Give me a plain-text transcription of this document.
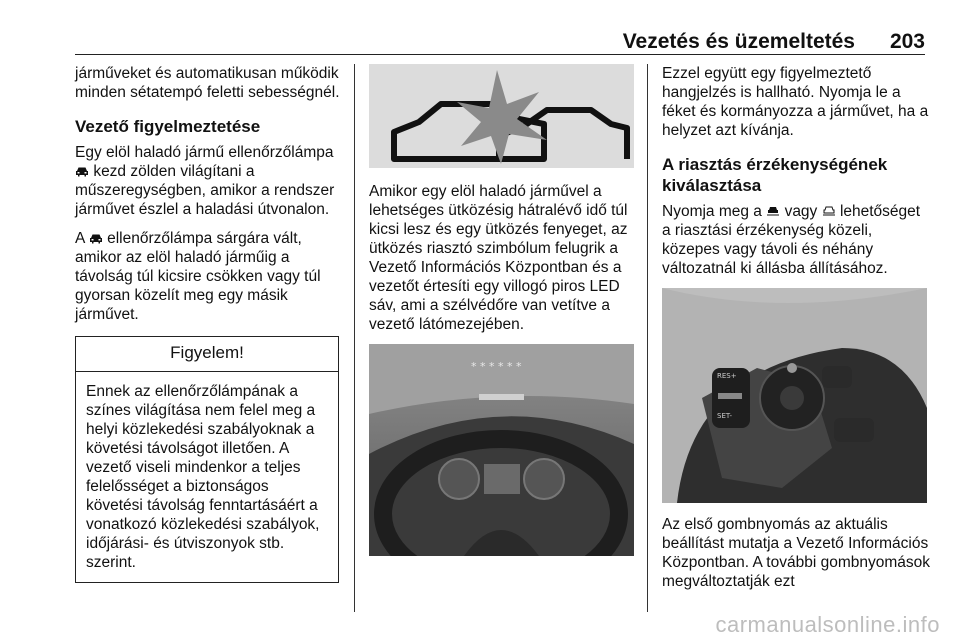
Vezetés és üzemeltetés 203

járműveket és automatikusan működik minden sétatempó feletti sebességnél.

Vezető figyelmeztetése

Egy elöl haladó jármű ellenőrzőlámpa  kezd zölden világítani a műszeregységben, amikor a rendszer járművet észlel a haladási útvonalon.

A ellenőrzőlámpa sárgára vált, amikor az elöl haladó járműig a távolság túl kicsire csökken vagy túl gyorsan közelít meg egy másik járművet.

Figyelem!
Ennek az ellenőrzőlámpának a színes világítása nem felel meg a helyi közlekedési szabályoknak a követési távolságot illetően. A vezető viseli mindenkor a teljes felelősséget a biztonságos követési távolság fenntartásáért a vonatkozó közlekedési szabályok, időjárási- és útviszonyok stb. szerint.

Amikor egy elöl haladó járművel a lehetséges ütközésig hátralévő idő túl kicsi lesz és egy ütközés fenyeget, az ütközés riasztó szimbólum felugrik a Vezető Információs Központban és a vezetőt értesíti egy villogó piros LED sáv, ami a szélvédőre van vetítve a vezető látómezejében.

* * * * * *

Ezzel együtt egy figyelmeztető hangjelzés is hallható. Nyomja le a féket és kormányozza a járművet, ha a helyzet azt kívánja.

A riasztás érzékenységének kiválasztása

Nyomja meg a vagy lehetőséget a riasztási érzékenység közeli, közepes vagy távoli és néhány változatnál ki állásba állításához.

RES+
SET-

Az első gombnyomás az aktuális beállítást mutatja a Vezető Információs Központban. A további gombnyomások megváltoztatják ezt

carmanualsonline.info
